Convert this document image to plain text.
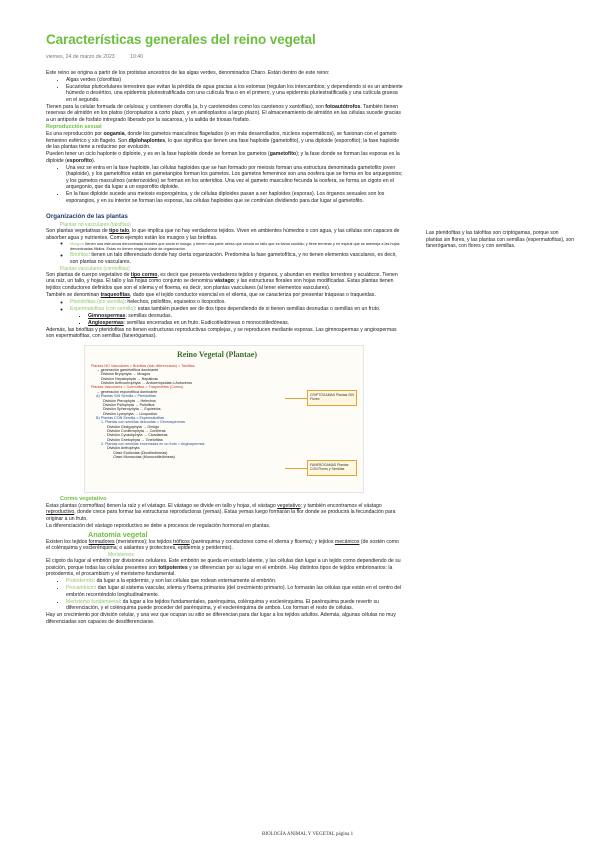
Características generales del reino vegetal
viernes, 24 de marzo de 2023	10:40

Este reino se origina a partir de los protistas ancestros de las algas verdes, denominados Charo. Están dentro de este reino:

• Algas verdes (clorofitas)
• Eucariotas pluricelulares terrestres que evitan la pérdida de agua gracias a los estomas (regulan los intercambios; y dependiendo si es un ambiente húmedo o desértico, una epidermis pluriestratificada con una cutícula fina o en el primero, y una epidermis pluriestratificada y una cutícula gruesa en el segundo.

Tienen para la celular formada de celulosa; y contienen clorofila (a, b y carotenoides como los carotenos y xantofilas), son fotoautótrofos. También tienen reservas de almidón en los platos (cloroplastos a corto plazo, y en amiloplastos a largo plazo). El almacenamiento de almidón en las células sucede gracias a un antiporte de fosfato intregrado liberado por la sacarosa, y la salida de triosas fosfato.

Reproducción sexual

Es una reproducción por oogamia, donde los gametos masculinos flagelados (o en más desarrollados, núcleos espermáticos), se fusionan con el gameto femenino esférico y sin flagelo. Son diplohaplontes, lo que significa que tienen una fase haploide (gametofito), y una diploide (esporofito); la fase haploide de las plantas tiene a reducirse por evolución.

Pueden tener un ciclo haplonte o diplonte, y es en la fase haploide donde se forman los gametos (gametofito); y la fase donde se forman las esporas es la diploide (esporofito).

• Una vez se entra en la fase haploide, las células haploides que se han formado por meiosis forman una estructura denominada gametofito joven (haploide), y los gametofitos están en gametangios forman los gametos. Los gametos femeninos son una oosfera que se forma en los arquegonios; y los gametos masculinos (anterozoides) se forman en los anteridios. Una vez el gameto masculino fecunda la oosfera, se forma un cigoto en el arquegonio, que da lugar a un esporofito diploide.
• En la fase diploide sucede una meiosis esporogénica, y de células diploides pasan a ser haploides (esporas). Los órganos sexuales son los esporangios, y en su interior se forman las esporas, las células haploides que se continúan dividiendo para dar lugar al gametofito.
Organización de las plantas
Plantas no vasculares (talofitas)

Son plantas vegetativas de tipo talo, lo que implica que no hay verdaderos tejidos. Viven en ambientes húmedos o con agua, y las células son capaces de absorber agua y nutrientes. Como ejemplo están los musgos y las briofitas.

◦ Musgos: tienen una estructura denominada rizoides que ancla el musgo; y tienen una parte aérea que simula un tallo que es llama caulidio; y tiene terminar y en espiral que se asemeja a las hojas denominadas filidios. Estas no tienen ninguna clase de organización.
◦ Briofitas: tienen un talo diferenciado donde hay cierta organización. Predomina la fase gametofítica, y no tienen elementos vasculares, es decir, son plantas no vasculares.
Plantas vasculares (cormofitas)

Son plantas de cuerpo vegetativo de tipo cormo, es decir que presenta verdaderos tejidos y órganos, y abundan en medios terrestres y acuáticos. Tienen una raíz, un tallo, y hojas. El tallo y las hojas como conjunto se denomina vástago; y las estructuras florales son hojas modificadas. Estas plantas tienen tejidos conductores definidos que son el xilema y el floema, es decir, son plantas vasculares (al tener elementos vasculares).

También se denominan traqueofitas, dado que el tejido conductor esencial es el xilema, que se caracteriza por presentar tráqueas o traqueidas.

◦ Pteridofitas (sin semilla): helechos, psilofitos, equisetos o licopodios.
◦ Espermatofitas (con semilla): estas también pueden ser de dos tipos dependiendo de si tienen semillas desnudas o semillas en un fruto.
▪ Gimnospermas: semillas desnudas.
▪ Angiospermas: semillas encerradas en un fruto. Eudicotiledóneas o monocotiledóneas.

Además, las briofitas y pteridofitas no tienen estructuras reproductivas complejas, y se reproducen mediante esporas. Las gimnospermas y angiospermas son espermatofitas, con semillas (fanerógamas).

Reino Vegetal (Plantae)
Plantas NO Vasculares = Briofitas (talo diferenciado) = Talofitas
→ generación gametofítica dominante
División Bryophyta → Musgos
División Hepatophyta → Hepáticas
División Anthocerophyta → Antocerópsidas o Antoceros
Plantas Vasculares = Cormofitas = Traqueofitas (Cormo)
→ generación esporofítica dominante
A) Plantas SIN Semilla = Pteridofitas
División Pterophyta → Helechos
División Psilophyta → Psilofitos
División Sphenophyta → Equisetos
División Lycophyta → Licopodios
B) Plantas CON Semilla = Espermatofitas
1. Plantas con semillas desnudas = Gimnospermas
División Ginkgophyta → Ginkgo
División Coniferophyta → Coníferas
División Cycadophyta → Cicadáceas
División Gnetophyta → Gnetofitas
2. Plantas con semillas encerradas en un fruto = Angiospermas
División Anthophyta
Clase Eudicotas (Dicotiledóneas)
Clase Monocotas (Monocotiledóneas)
CRIPTÓGAMAS Plantas SIN Flores
FANERÓGAMAS Plantas CON Flores y Semillas
Cormo vegetativo

Estas plantas (cormofitas) tienen la raíz y el vástago. El vástago se divide en tallo y hojas, el vástago vegetativo; y también encontramos el vástago reproductivo, donde crece para formar las estructuras reproductoras (yemas). Estas yemas luego formarán la flor donde se producirá la fecundación para originar a un fruto.

La diferenciación del vástago reproductivo se debe a procesos de regulación hormonal en plantas.

Anatomía vegetal

Existen los tejidos formadores (meristemos); los tejidos tróficos (parénquima y conductores como el xilema y floema); y tejidos mecánicos (de sostén como el colénquima y esclerénquima; o aislantes y protectores, epidermis y peridermis).

Meristemos

El cigoto da lugar al embrión por divisiones celulares. Este embrión se queda en estado latente, y las células dan lugar a un tejido como dependiendo de su posición, porque todas las células presentes son totipotentes y se diferencian por su lugar en el embrión. Hay distintos tipos de tejidos embrionarios: la protodermis, el procambium y el meristemo fundamental.

• Protodermis: da lugar a la epidermis, y son las células que rodean externamente al embrión.
• Procambium: dan lugar al sistema vascular, xilema y floema primarios (del crecimiento primario). Lo formarán las células que están en el centro del embrión recorriéndolo longitudinalmente.
• Meristemo fundamental: da lugar a los tejidos fundamentales, parénquima, colénquima y esclerénquima. El parénquima puede revertir su diferenciación, y el colénquima puede proceder del parénquima, y el esclerénquima de ambos. Los forman el resto de células.

Hay un crecimiento por división celular, y una vez que ocupan su sitio se diferencian para dar lugar a los tejidos adultos. Además, algunas células no muy diferenciadas son capaces de desdiferenciarse.

Las pteridofitas y las talofitas son criptógamas, porque son plantas sin flores, y las plantas con semillas (espermatofitas), son fanerógamas, con flores y con semillas.
BIOLOGÍA ANIMAL Y VEGETAL página 1
